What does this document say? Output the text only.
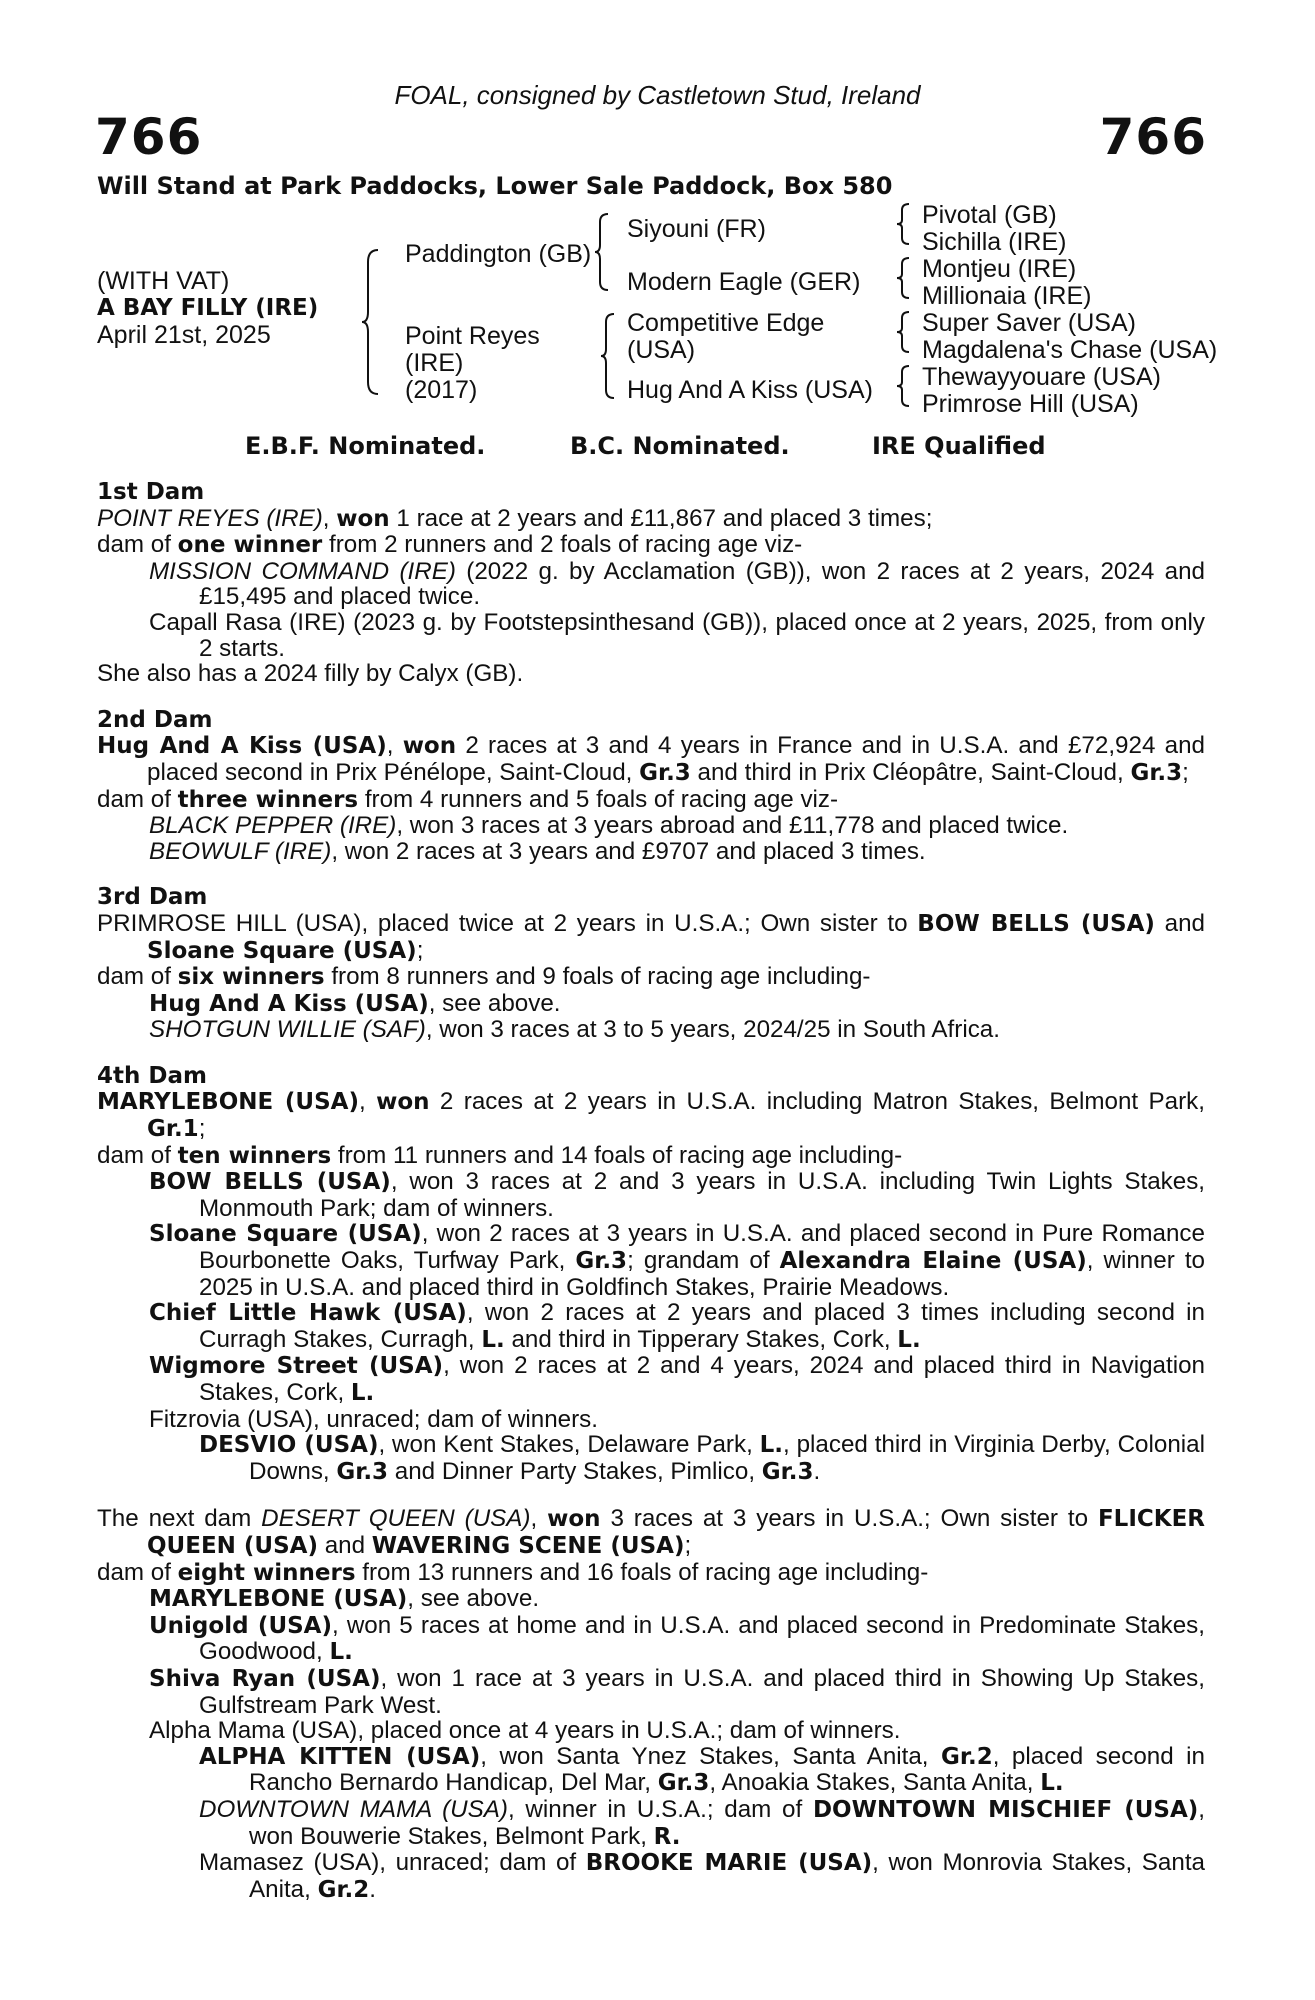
FOAL, consigned by Castletown Stud, Ireland
766	766
Will Stand at Park Paddocks, Lower Sale Paddock, Box 580
(WITH VAT)
A BAY FILLY (IRE)
April 21st, 2025
Paddington (GB)
Point Reyes
(IRE)
(2017)
Siyouni (FR)
Modern Eagle (GER)
Competitive Edge
(USA)
Hug And A Kiss (USA)
Pivotal (GB)
Sichilla (IRE)
Montjeu (IRE)
Millionaia (IRE)
Super Saver (USA)
Magdalena's Chase (USA)
Thewayyouare (USA)
Primrose Hill (USA)
E.B.F. Nominated.	B.C. Nominated.	IRE Qualified

1st Dam

POINT REYES (IRE), won 1 race at 2 years and £11,867 and placed 3 times;

dam of one winner from 2 runners and 2 foals of racing age viz-

MISSION COMMAND (IRE) (2022 g. by Acclamation (GB)), won 2 races at 2 years, 2024 and £15,495 and placed twice.

Capall Rasa (IRE) (2023 g. by Footstepsinthesand (GB)), placed once at 2 years, 2025, from only 2 starts.

She also has a 2024 filly by Calyx (GB).

2nd Dam

Hug And A Kiss (USA), won 2 races at 3 and 4 years in France and in U.S.A. and £72,924 and placed second in Prix Pénélope, Saint-Cloud, Gr.3 and third in Prix Cléopâtre, Saint-Cloud, Gr.3;

dam of three winners from 4 runners and 5 foals of racing age viz-

BLACK PEPPER (IRE), won 3 races at 3 years abroad and £11,778 and placed twice.

BEOWULF (IRE), won 2 races at 3 years and £9707 and placed 3 times.

3rd Dam

PRIMROSE HILL (USA), placed twice at 2 years in U.S.A.; Own sister to BOW BELLS (USA) and Sloane Square (USA);

dam of six winners from 8 runners and 9 foals of racing age including-

Hug And A Kiss (USA), see above.

SHOTGUN WILLIE (SAF), won 3 races at 3 to 5 years, 2024/25 in South Africa.

4th Dam

MARYLEBONE (USA), won 2 races at 2 years in U.S.A. including Matron Stakes, Belmont Park, Gr.1;

dam of ten winners from 11 runners and 14 foals of racing age including-

BOW BELLS (USA), won 3 races at 2 and 3 years in U.S.A. including Twin Lights Stakes, Monmouth Park; dam of winners.

Sloane Square (USA), won 2 races at 3 years in U.S.A. and placed second in Pure Romance Bourbonette Oaks, Turfway Park, Gr.3; grandam of Alexandra Elaine (USA), winner to 2025 in U.S.A. and placed third in Goldfinch Stakes, Prairie Meadows.

Chief Little Hawk (USA), won 2 races at 2 years and placed 3 times including second in Curragh Stakes, Curragh, L. and third in Tipperary Stakes, Cork, L.

Wigmore Street (USA), won 2 races at 2 and 4 years, 2024 and placed third in Navigation Stakes, Cork, L.

Fitzrovia (USA), unraced; dam of winners.

DESVIO (USA), won Kent Stakes, Delaware Park, L., placed third in Virginia Derby, Colonial Downs, Gr.3 and Dinner Party Stakes, Pimlico, Gr.3.

The next dam DESERT QUEEN (USA), won 3 races at 3 years in U.S.A.; Own sister to FLICKER QUEEN (USA) and WAVERING SCENE (USA);

dam of eight winners from 13 runners and 16 foals of racing age including-

MARYLEBONE (USA), see above.

Unigold (USA), won 5 races at home and in U.S.A. and placed second in Predominate Stakes, Goodwood, L.

Shiva Ryan (USA), won 1 race at 3 years in U.S.A. and placed third in Showing Up Stakes, Gulfstream Park West.

Alpha Mama (USA), placed once at 4 years in U.S.A.; dam of winners.

ALPHA KITTEN (USA), won Santa Ynez Stakes, Santa Anita, Gr.2, placed second in Rancho Bernardo Handicap, Del Mar, Gr.3, Anoakia Stakes, Santa Anita, L.

DOWNTOWN MAMA (USA), winner in U.S.A.; dam of DOWNTOWN MISCHIEF (USA), won Bouwerie Stakes, Belmont Park, R.

Mamasez (USA), unraced; dam of BROOKE MARIE (USA), won Monrovia Stakes, Santa Anita, Gr.2.
